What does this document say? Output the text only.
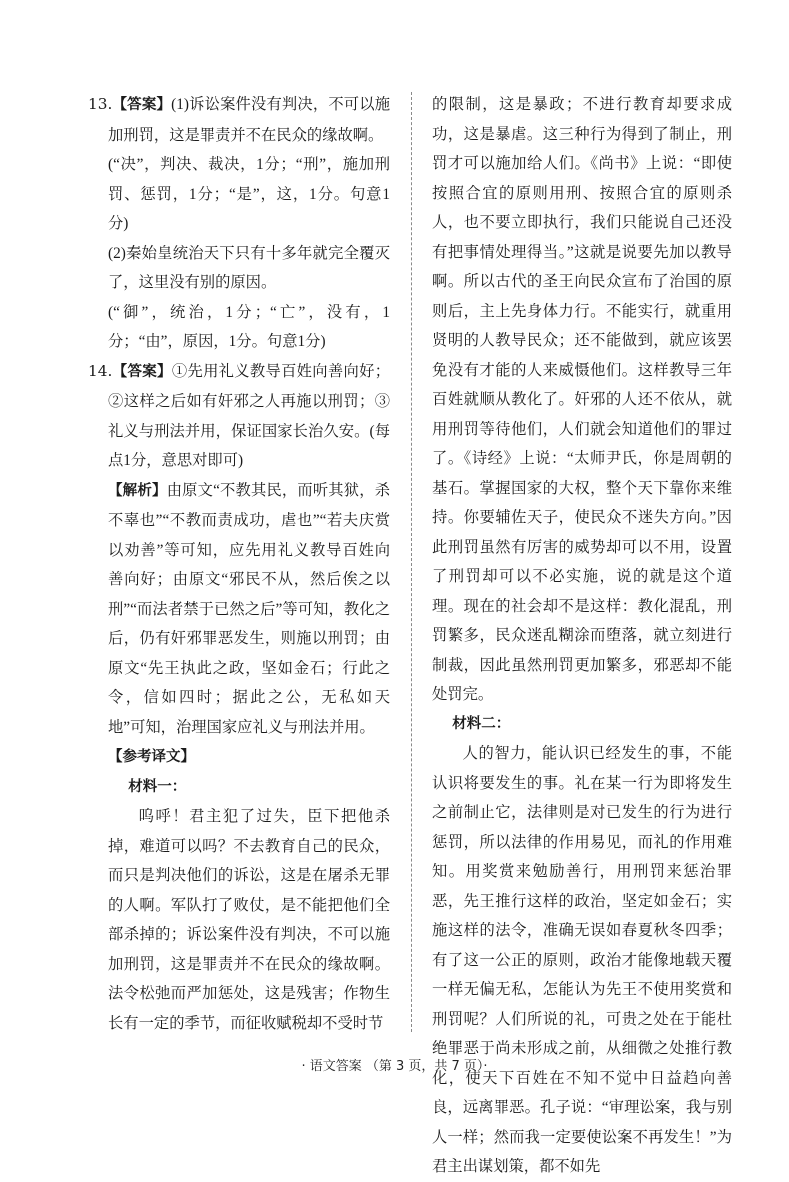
13.【答案】(1)诉讼案件没有判决，不可以施加刑罚，这是罪责并不在民众的缘故啊。

(“决”，判决、裁决，1分；“刑”，施加刑罚、惩罚，1分；“是”，这，1分。句意1分)

(2)秦始皇统治天下只有十多年就完全覆灭了，这里没有别的原因。

(“御”，统治，1分；“亡”，没有，1分；“由”，原因，1分。句意1分)

14.【答案】①先用礼义教导百姓向善向好；②这样之后如有奸邪之人再施以刑罚；③礼义与刑法并用，保证国家长治久安。(每点1分，意思对即可)

【解析】由原文“不教其民，而听其狱，杀不辜也”“不教而责成功，虐也”“若夫庆赏以劝善”等可知，应先用礼义教导百姓向善向好；由原文“邪民不从，然后俟之以刑”“而法者禁于已然之后”等可知，教化之后，仍有奸邪罪恶发生，则施以刑罚；由原文“先王执此之政，坚如金石；行此之令，信如四时；据此之公，无私如天地”可知，治理国家应礼义与刑法并用。

【参考译文】

材料一：

呜呼！君主犯了过失，臣下把他杀掉，难道可以吗？不去教育自己的民众，而只是判决他们的诉讼，这是在屠杀无罪的人啊。军队打了败仗，是不能把他们全部杀掉的；诉讼案件没有判决，不可以施加刑罚，这是罪责并不在民众的缘故啊。法令松弛而严加惩处，这是残害；作物生长有一定的季节，而征收赋税却不受时节

的限制，这是暴政；不进行教育却要求成功，这是暴虐。这三种行为得到了制止，刑罚才可以施加给人们。《尚书》上说：“即使按照合宜的原则用刑、按照合宜的原则杀人，也不要立即执行，我们只能说自己还没有把事情处理得当。”这就是说要先加以教导啊。所以古代的圣王向民众宣布了治国的原则后，主上先身体力行。不能实行，就重用贤明的人教导民众；还不能做到，就应该罢免没有才能的人来威慑他们。这样教导三年百姓就顺从教化了。奸邪的人还不依从，就用刑罚等待他们，人们就会知道他们的罪过了。《诗经》上说：“太师尹氏，你是周朝的基石。掌握国家的大权，整个天下靠你来维持。你要辅佐天子，使民众不迷失方向。”因此刑罚虽然有厉害的威势却可以不用，设置了刑罚却可以不必实施，说的就是这个道理。现在的社会却不是这样：教化混乱，刑罚繁多，民众迷乱糊涂而堕落，就立刻进行制裁，因此虽然刑罚更加繁多，邪恶却不能处罚完。

材料二：

人的智力，能认识已经发生的事，不能认识将要发生的事。礼在某一行为即将发生之前制止它，法律则是对已发生的行为进行惩罚，所以法律的作用易见，而礼的作用难知。用奖赏来勉励善行，用刑罚来惩治罪恶，先王推行这样的政治，坚定如金石；实施这样的法令，准确无误如春夏秋冬四季；有了这一公正的原则，政治才能像地载天覆一样无偏无私，怎能认为先王不使用奖赏和刑罚呢？人们所说的礼，可贵之处在于能杜绝罪恶于尚未形成之前，从细微之处推行教化，使天下百姓在不知不觉中日益趋向善良，远离罪恶。孔子说：“审理讼案，我与别人一样；然而我一定要使讼案不再发生！”为君主出谋划策，都不如先

· 语文答案 （第 3 页，共 7 页）·
